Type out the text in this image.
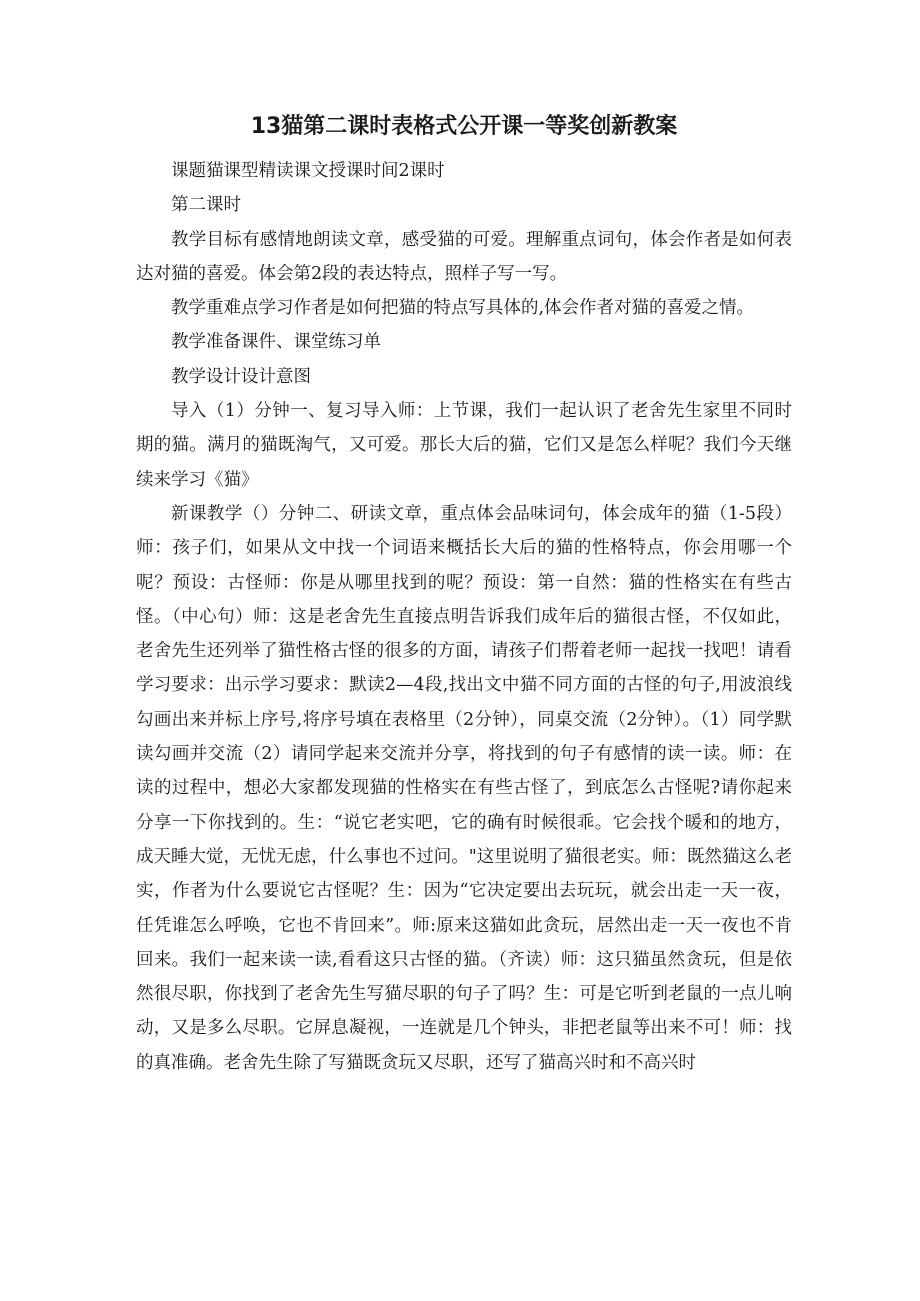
13猫第二课时表格式公开课一等奖创新教案

课题猫课型精读课文授课时间2课时

第二课时

教学目标有感情地朗读文章，感受猫的可爱。理解重点词句，体会作者是如何表达对猫的喜爱。体会第2段的表达特点，照样子写一写。

教学重难点学习作者是如何把猫的特点写具体的,体会作者对猫的喜爱之情。

教学准备课件、课堂练习单

教学设计设计意图

导入（1）分钟一、复习导入师：上节课，我们一起认识了老舍先生家里不同时期的猫。满月的猫既淘气，又可爱。那长大后的猫，它们又是怎么样呢？我们今天继续来学习《猫》

新课教学（）分钟二、研读文章，重点体会品味词句，体会成年的猫（1-5段）师：孩子们，如果从文中找一个词语来概括长大后的猫的性格特点，你会用哪一个呢？预设：古怪师：你是从哪里找到的呢？预设：第一自然：猫的性格实在有些古怪。（中心句）师：这是老舍先生直接点明告诉我们成年后的猫很古怪，不仅如此，老舍先生还列举了猫性格古怪的很多的方面，请孩子们帮着老师一起找一找吧！请看学习要求：出示学习要求：默读2—4段,找出文中猫不同方面的古怪的句子,用波浪线勾画出来并标上序号,将序号填在表格里（2分钟），同桌交流（2分钟）。（1）同学默读勾画并交流（2）请同学起来交流并分享，将找到的句子有感情的读一读。师：在读的过程中，想必大家都发现猫的性格实在有些古怪了，到底怎么古怪呢?请你起来分享一下你找到的。生：“说它老实吧，它的确有时候很乖。它会找个暖和的地方，成天睡大觉，无忧无虑，什么事也不过问。"这里说明了猫很老实。师：既然猫这么老实，作者为什么要说它古怪呢？生：因为“它决定要出去玩玩，就会出走一天一夜，任凭谁怎么呼唤，它也不肯回来”。师:原来这猫如此贪玩，居然出走一天一夜也不肯回来。我们一起来读一读,看看这只古怪的猫。（齐读）师：这只猫虽然贪玩，但是依然很尽职，你找到了老舍先生写猫尽职的句子了吗？生：可是它听到老鼠的一点儿响动，又是多么尽职。它屏息凝视，一连就是几个钟头，非把老鼠等出来不可！师：找的真准确。老舍先生除了写猫既贪玩又尽职，还写了猫高兴时和不高兴时
